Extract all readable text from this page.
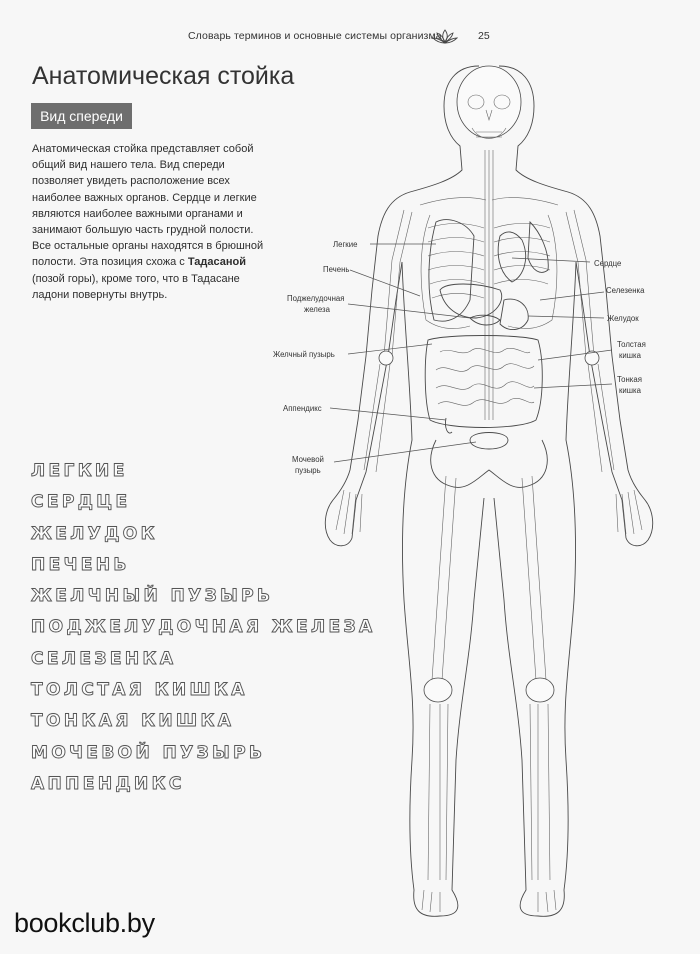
Словарь терминов и основные системы организма	25
Анатомическая стойка
Вид спереди

Анатомическая стойка представляет собой общий вид нашего тела. Вид спереди позволяет увидеть расположение всех наиболее важных органов. Сердце и легкие являются наиболее важными органами и занимают большую часть грудной полости. Все остальные органы находятся в брюшной полости. Эта позиция схожа с Тадасаной (позой горы), кроме того, что в Тадасане ладони повернуты внутрь.

ЛЕГКИЕ
СЕРДЦЕ
ЖЕЛУДОК
ПЕЧЕНЬ
ЖЕЛЧНЫЙ ПУЗЫРЬ
ПОДЖЕЛУДОЧНАЯ ЖЕЛЕЗА
СЕЛЕЗЕНКА
ТОЛСТАЯ КИШКА
ТОНКАЯ КИШКА
МОЧЕВОЙ ПУЗЫРЬ
АППЕНДИКС
Легкие
Печень
Поджелудочная
железа
Желчный пузырь
Аппендикс
Мочевой
пузырь
Сердце
Селезенка
Желудок
Толстая
кишка
Тонкая
кишка
bookclub.by
